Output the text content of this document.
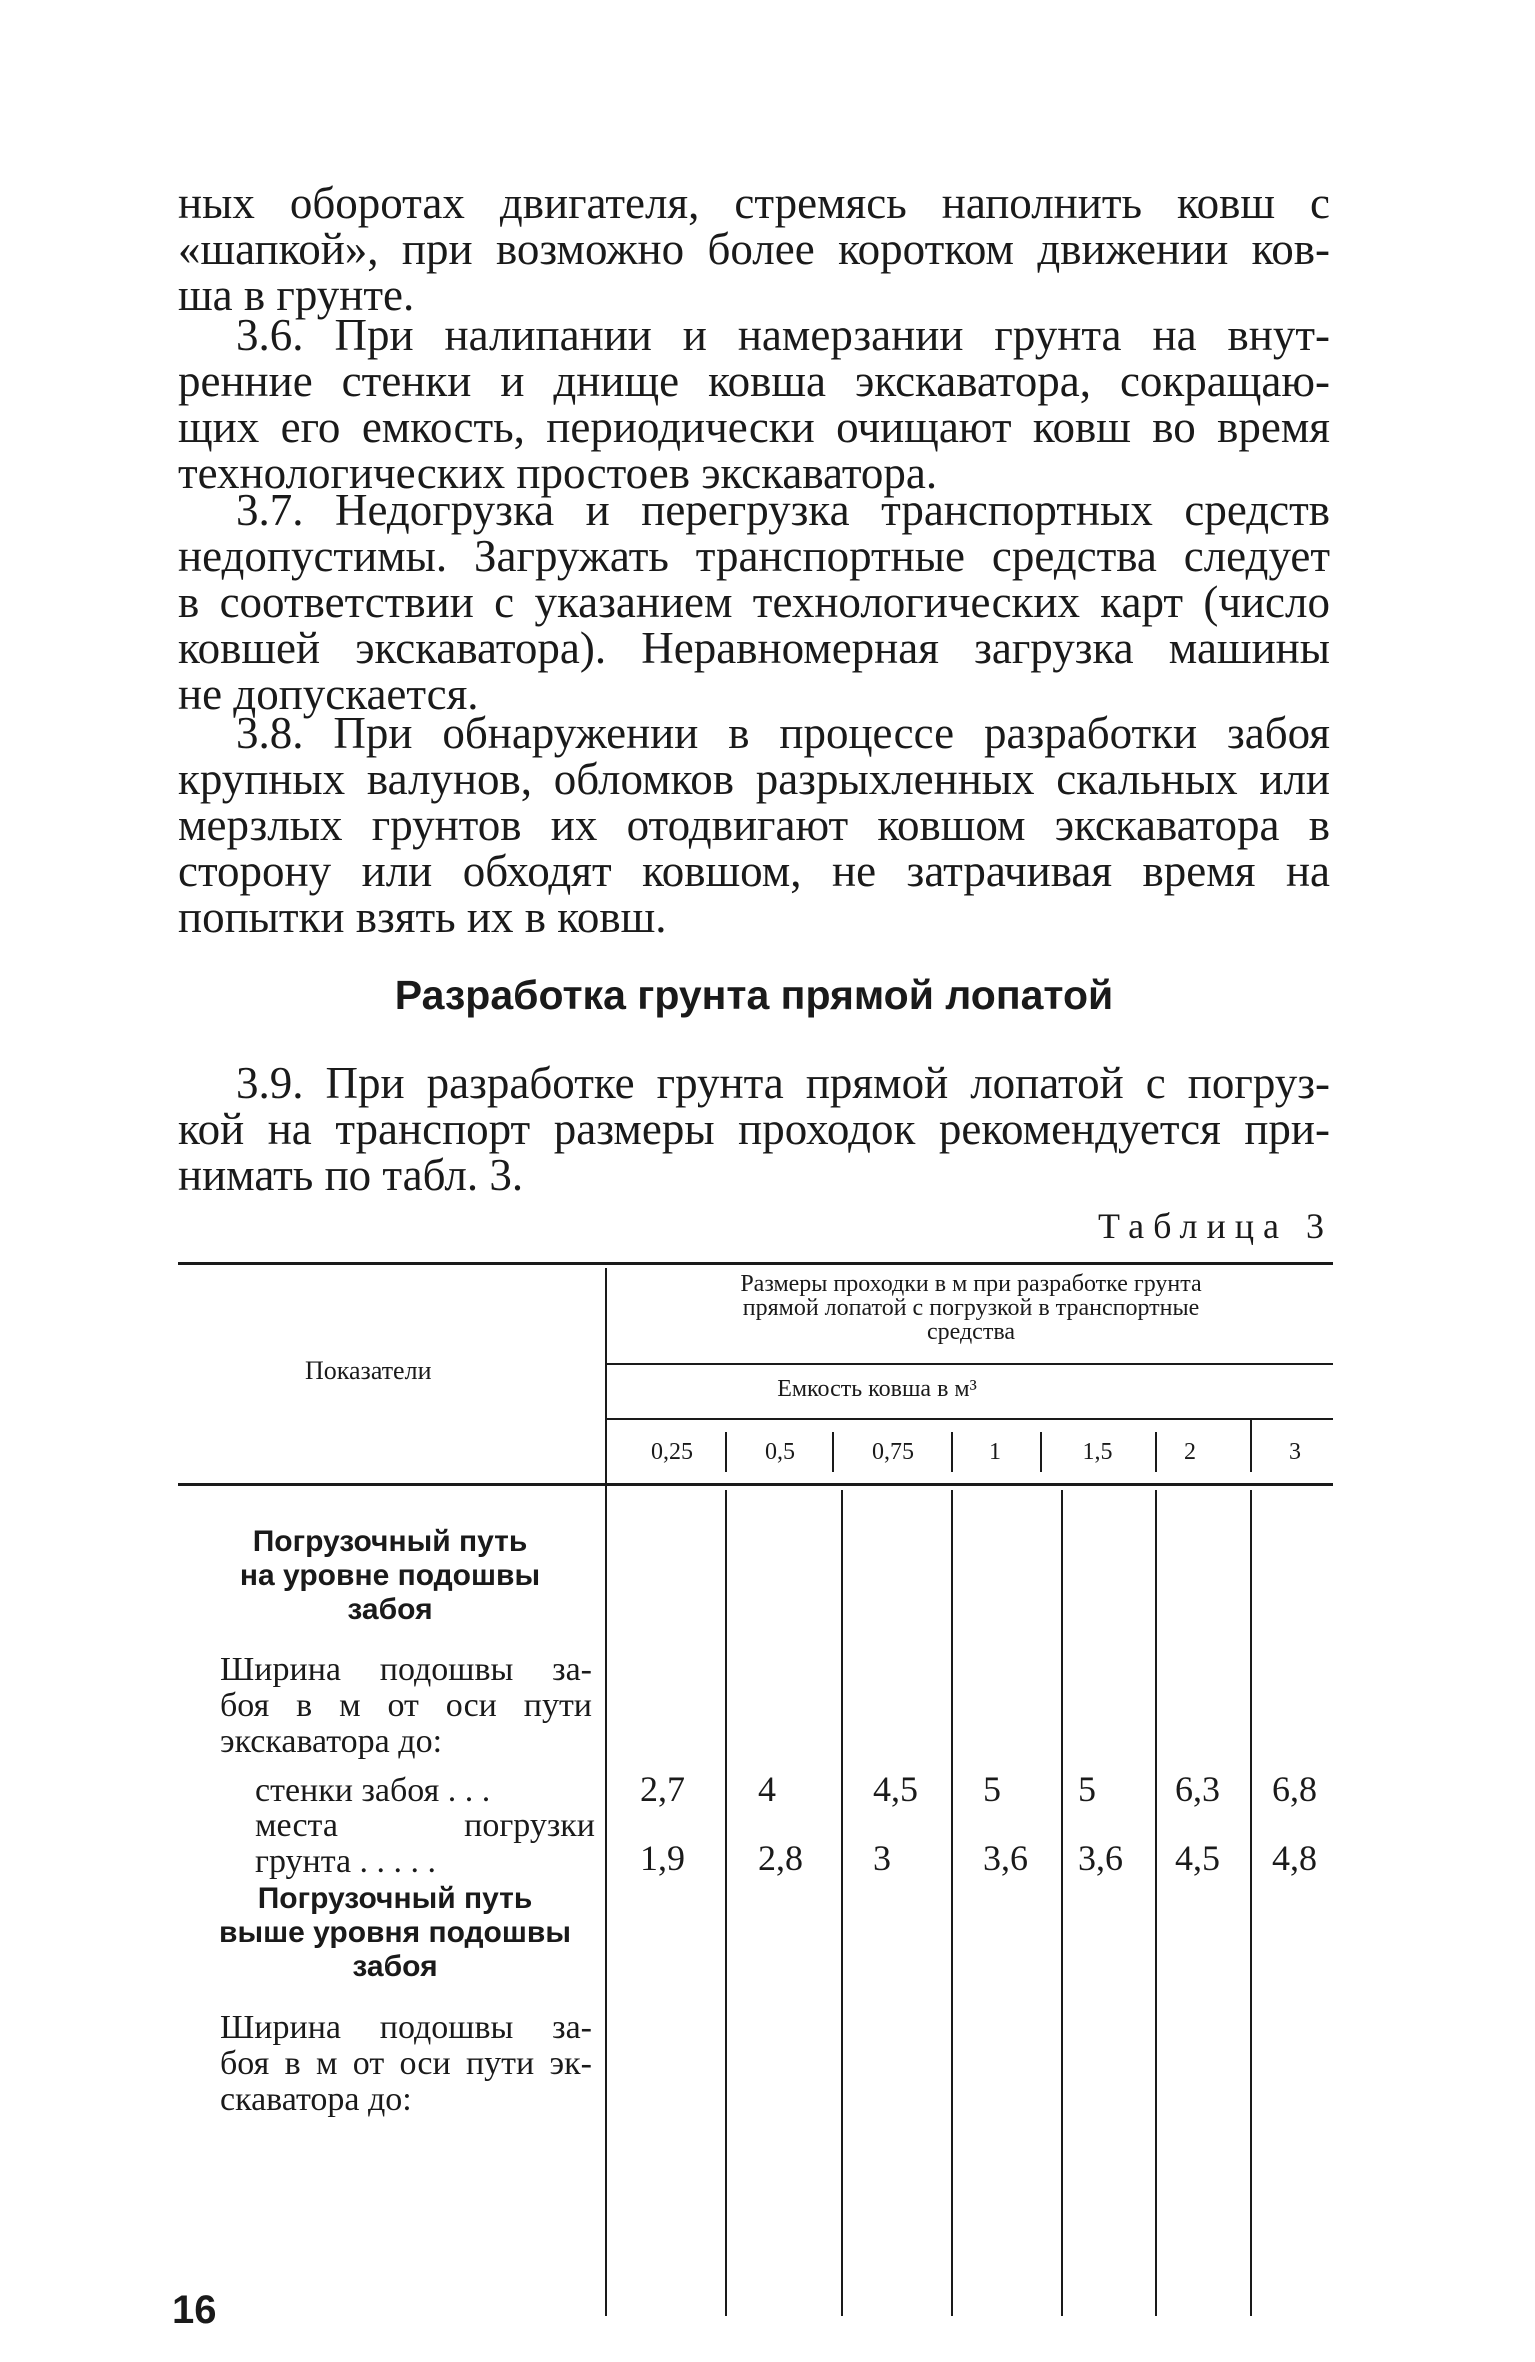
ных оборотах двигателя, стремясь наполнить ковш с
«шапкой», при возможно более коротком движении ков-
ша в грунте.
3.6. При налипании и намерзании грунта на внут-
ренние стенки и днище ковша экскаватора, сокращаю-
щих его емкость, периодически очищают ковш во время
технологических простоев экскаватора.
3.7. Недогрузка и перегрузка транспортных средств
недопустимы. Загружать транспортные средства следует
в соответствии с указанием технологических карт (число
ковшей экскаватора). Неравномерная загрузка машины
не допускается.
3.8. При обнаружении в процессе разработки забоя
крупных валунов, обломков разрыхленных скальных или
мерзлых грунтов их отодвигают ковшом экскаватора в
сторону или обходят ковшом, не затрачивая время на
попытки взять их в ковш.
Разработка грунта прямой лопатой
3.9. При разработке грунта прямой лопатой с погруз-
кой на транспорт размеры проходок рекомендуется при-
нимать по табл. 3.
Таблица 3
Показатели
Размеры проходки в м при разработке грунта
прямой лопатой с погрузкой в транспортные
средства
Емкость ковша в м³
0,25	0,5	0,75	1	1,5	2	3
Погрузочный путь
на уровне подошвы
забоя
Ширина подошвы за-
боя в м от оси пути
экскаватора до:
стенки забоя . . .	2,7 4	4,5 5 5 6,3 6,8
места погрузки
грунта . . . . .	1,9 2,8 3	3,6 3,6 4,5 4,8
Погрузочный путь
выше уровня подошвы
забоя
Ширина подошвы за-
боя в м от оси пути эк-
скаватора до:
16
